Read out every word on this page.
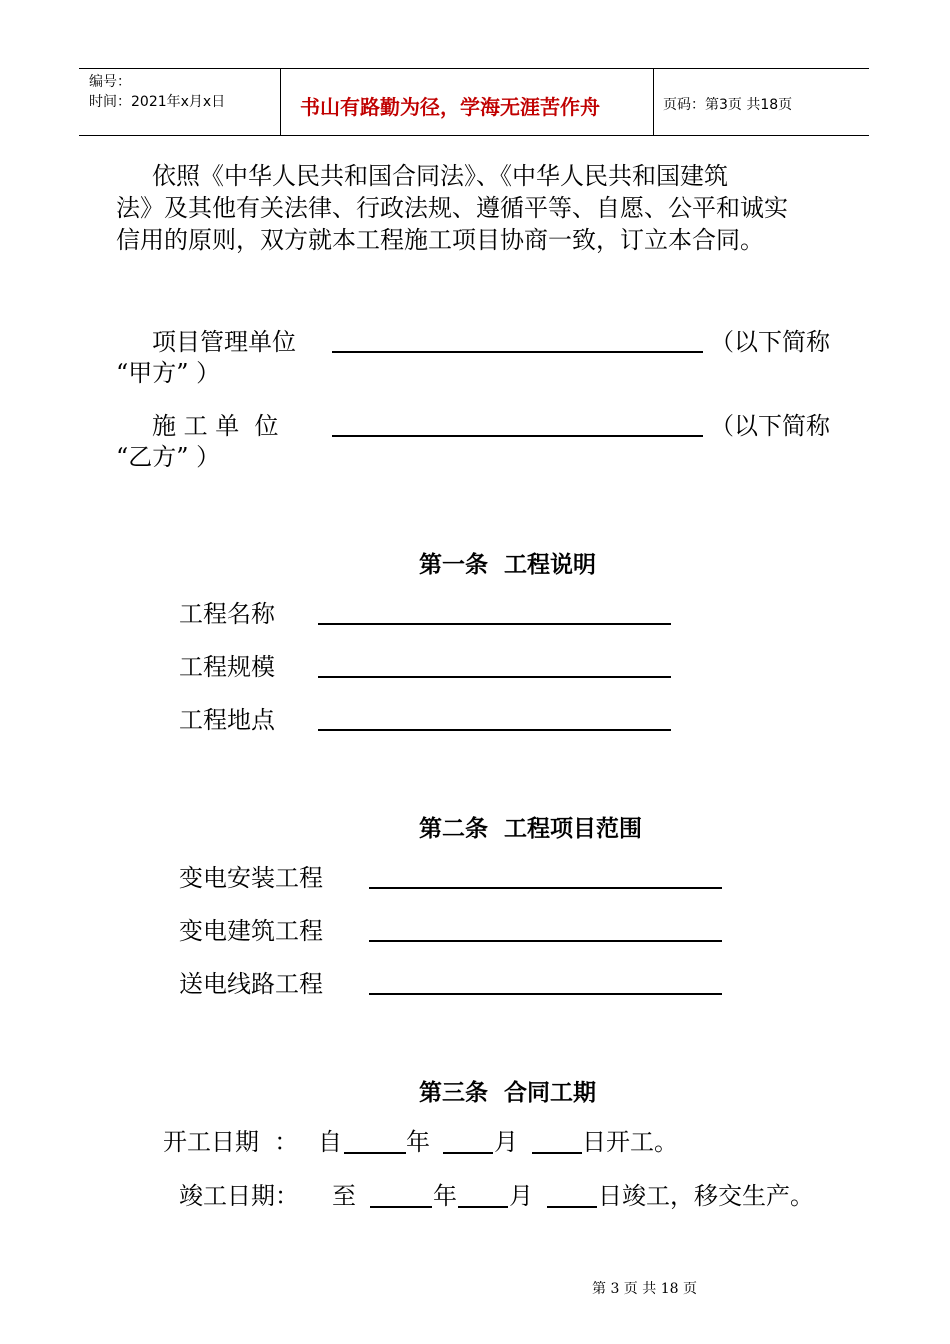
编号：
时间：2021年x月x日	书山有路勤为径，学海无涯苦作舟	页码：第3页 共18页
依照《中华人民共和国合同法》、《中华人民共和国建筑
法》及其他有关法律、行政法规、遵循平等、自愿、公平和诚实
信用的原则，双方就本工程施工项目协商一致，订立本合同。
项目管理单位	（以下简称
“甲方” ）
施 工 单  位	（以下简称
“乙方” ）
第一条  工程说明
工程名称
工程规模
工程地点
第二条  工程项目范围
变电安装工程
变电建筑工程
送电线路工程
第三条  合同工期
开工日期  ： 自	年	月	日开工。
竣工日期： 至	年 月	日竣工，移交生产。
第 3 页 共 18 页
